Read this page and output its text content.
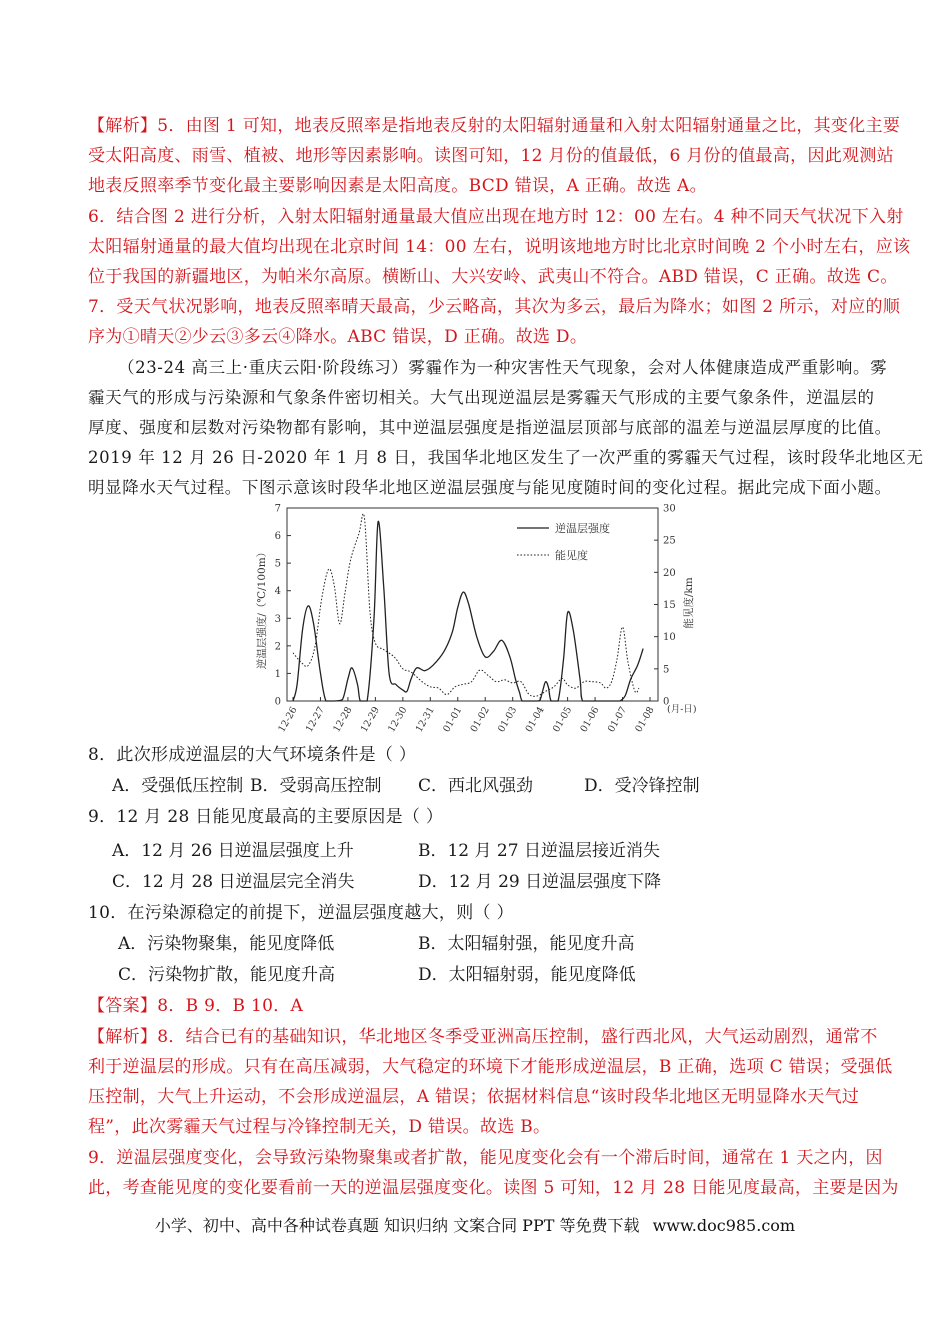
【解析】5．由图 1 可知，地表反照率是指地表反射的太阳辐射通量和入射太阳辐射通量之比，其变化主要
受太阳高度、雨雪、植被、地形等因素影响。读图可知，12 月份的值最低，6 月份的值最高，因此观测站
地表反照率季节变化最主要影响因素是太阳高度。BCD 错误，A 正确。故选 A。
6．结合图 2 进行分析，入射太阳辐射通量最大值应出现在地方时 12：00 左右。4 种不同天气状况下入射
太阳辐射通量的最大值均出现在北京时间 14：00 左右，说明该地地方时比北京时间晚 2 个小时左右，应该
位于我国的新疆地区，为帕米尔高原。横断山、大兴安岭、武夷山不符合。ABD 错误，C 正确。故选 C。
7．受天气状况影响，地表反照率晴天最高，少云略高，其次为多云，最后为降水；如图 2 所示，对应的顺
序为①晴天②少云③多云④降水。ABC 错误，D 正确。故选 D。
（23-24 高三上·重庆云阳·阶段练习）雾霾作为一种灾害性天气现象，会对人体健康造成严重影响。雾
霾天气的形成与污染源和气象条件密切相关。大气出现逆温层是雾霾天气形成的主要气象条件，逆温层的
厚度、强度和层数对污染物都有影响，其中逆温层强度是指逆温层顶部与底部的温差与逆温层厚度的比值。
2019 年 12 月 26 日-2020 年 1 月 8 日，我国华北地区发生了一次严重的雾霾天气过程，该时段华北地区无
明显降水天气过程。下图示意该时段华北地区逆温层强度与能见度随时间的变化过程。据此完成下面小题。
0
1
2
3
4
5
6
7
0
5
10
15
20
25
30
12-26 12-27 12-28 12-29 12-30 12-31 01-01 01-02 01-03 01-04 01-05 01-06 01-07 01-08
逆温层强度
能见度
逆温层强度/（℃/100m）	能见度/km
(月-日)
8．此次形成逆温层的大气环境条件是（ ）
A．受强低压控制 B．受弱高压控制 C．西北风强劲	D．受冷锋控制
9．12 月 28 日能见度最高的主要原因是（ ）
A．12 月 26 日逆温层强度上升	B．12 月 27 日逆温层接近消失
C．12 月 28 日逆温层完全消失	D．12 月 29 日逆温层强度下降
10．在污染源稳定的前提下，逆温层强度越大，则（ ）
A．污染物聚集，能见度降低	B．太阳辐射强，能见度升高
C．污染物扩散，能见度升高	D．太阳辐射弱，能见度降低
【答案】8．B 9．B 10．A
【解析】8．结合已有的基础知识，华北地区冬季受亚洲高压控制，盛行西北风，大气运动剧烈，通常不
利于逆温层的形成。只有在高压减弱，大气稳定的环境下才能形成逆温层，B 正确，选项 C 错误；受强低
压控制，大气上升运动，不会形成逆温层，A 错误；依据材料信息“该时段华北地区无明显降水天气过
程”，此次雾霾天气过程与冷锋控制无关，D 错误。故选 B。
9．逆温层强度变化，会导致污染物聚集或者扩散，能见度变化会有一个滞后时间，通常在 1 天之内，因
此，考查能见度的变化要看前一天的逆温层强度变化。读图 5 可知，12 月 28 日能见度最高，主要是因为
小学、初中、高中各种试卷真题 知识归纳 文案合同 PPT 等免费下载 www.doc985.com
